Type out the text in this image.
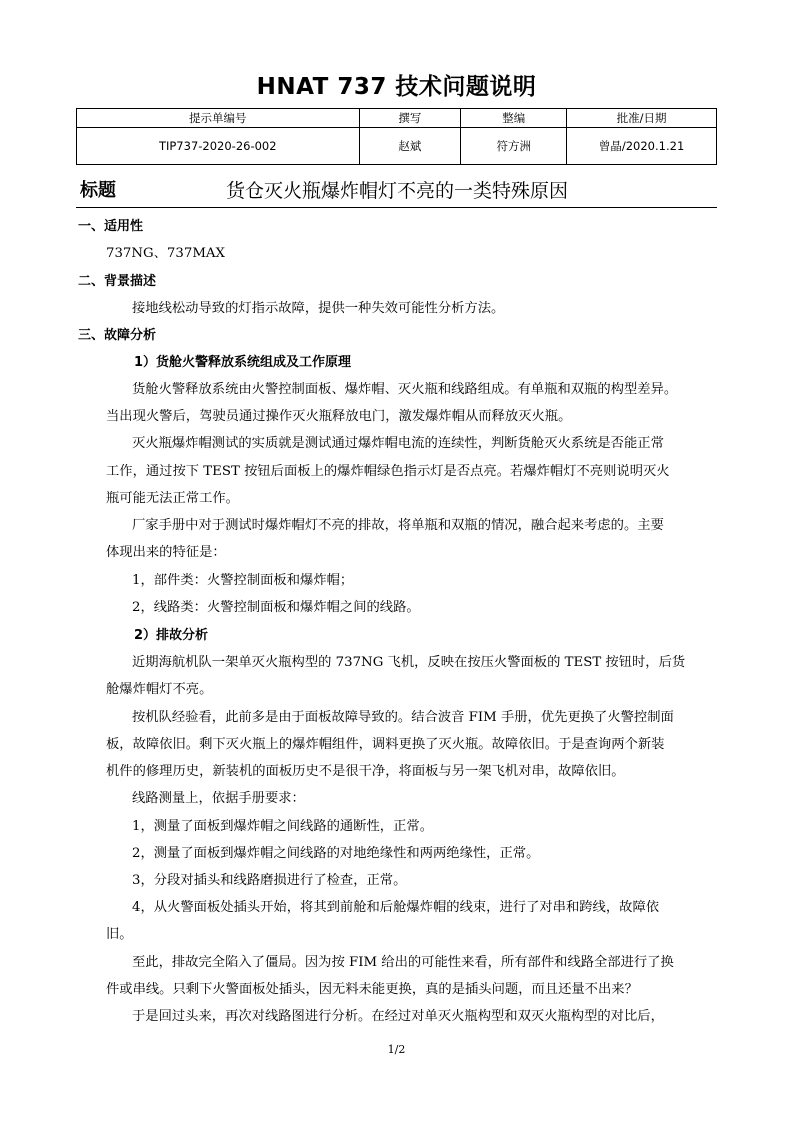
HNAT 737 技术问题说明
提示单编号	撰写	整编	批准/日期
TIP737-2020-26-002	赵斌	符方洲	曾晶/2020.1.21
标题	货仓灭火瓶爆炸帽灯不亮的一类特殊原因
一、适用性
737NG、737MAX
二、背景描述
接地线松动导致的灯指示故障，提供一种失效可能性分析方法。
三、故障分析
1）货舱火警释放系统组成及工作原理
货舱火警释放系统由火警控制面板、爆炸帽、灭火瓶和线路组成。有单瓶和双瓶的构型差异。
当出现火警后，驾驶员通过操作灭火瓶释放电门，激发爆炸帽从而释放灭火瓶。
灭火瓶爆炸帽测试的实质就是测试通过爆炸帽电流的连续性，判断货舱灭火系统是否能正常
工作，通过按下 TEST 按钮后面板上的爆炸帽绿色指示灯是否点亮。若爆炸帽灯不亮则说明灭火
瓶可能无法正常工作。
厂家手册中对于测试时爆炸帽灯不亮的排故，将单瓶和双瓶的情况，融合起来考虑的。主要
体现出来的特征是：
1，部件类：火警控制面板和爆炸帽；
2，线路类：火警控制面板和爆炸帽之间的线路。
2）排故分析
近期海航机队一架单灭火瓶构型的 737NG 飞机，反映在按压火警面板的 TEST 按钮时，后货
舱爆炸帽灯不亮。
按机队经验看，此前多是由于面板故障导致的。结合波音 FIM 手册，优先更换了火警控制面
板，故障依旧。剩下灭火瓶上的爆炸帽组件，调料更换了灭火瓶。故障依旧。于是查询两个新装
机件的修理历史，新装机的面板历史不是很干净，将面板与另一架飞机对串，故障依旧。
线路测量上，依据手册要求：
1，测量了面板到爆炸帽之间线路的通断性，正常。
2，测量了面板到爆炸帽之间线路的对地绝缘性和两两绝缘性，正常。
3，分段对插头和线路磨损进行了检查，正常。
4，从火警面板处插头开始，将其到前舱和后舱爆炸帽的线束，进行了对串和跨线，故障依
旧。
至此，排故完全陷入了僵局。因为按 FIM 给出的可能性来看，所有部件和线路全部进行了换
件或串线。只剩下火警面板处插头，因无料未能更换，真的是插头问题，而且还量不出来？
于是回过头来，再次对线路图进行分析。在经过对单灭火瓶构型和双灭火瓶构型的对比后，
1/2
